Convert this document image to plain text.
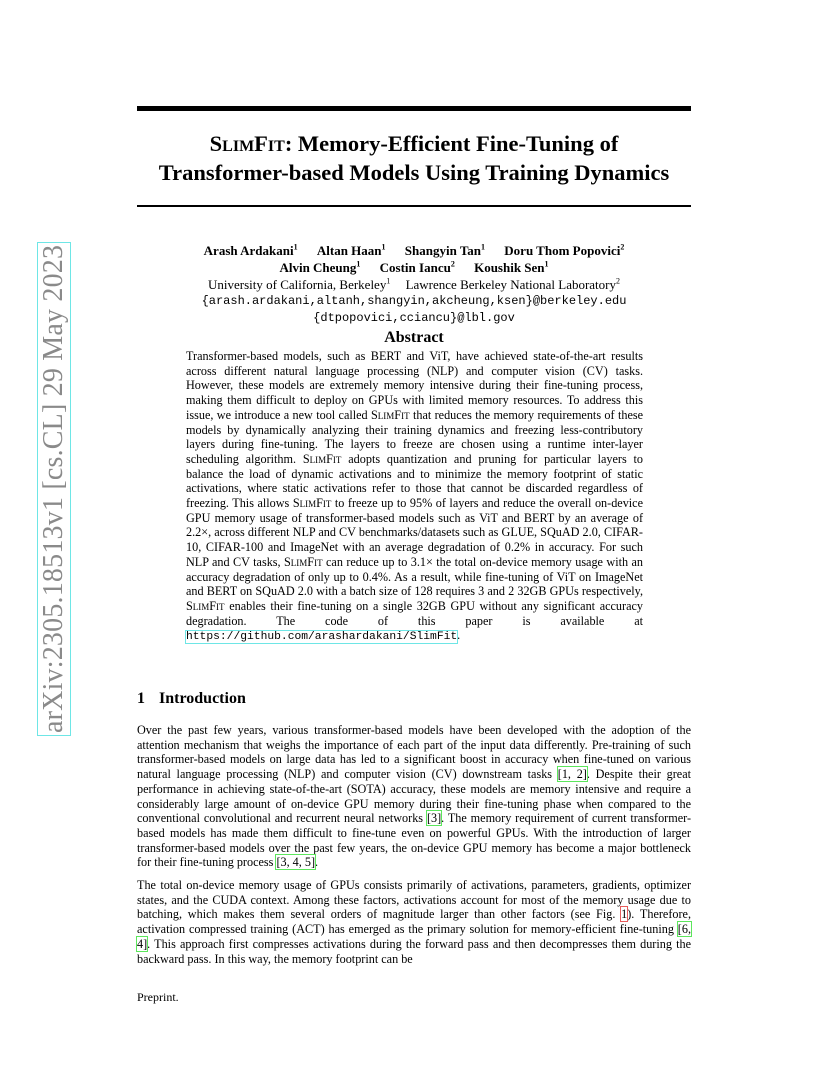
arXiv:2305.18513v1 [cs.CL] 29 May 2023
SlimFit: Memory-Efficient Fine-Tuning of
Transformer-based Models Using Training Dynamics
Arash Ardakani$^1$ Altan Haan$^1$ Shangyin Tan$^1$ Doru Thom Popovici$^2$
Alvin Cheung$^1$ Costin Iancu$^2$ Koushik Sen$^1$
University of California, Berkeley$^1$ Lawrence Berkeley National Laboratory$^2$
{arash.ardakani,altanh,shangyin,akcheung,ksen}@berkeley.edu
{dtpopovici,cciancu}@lbl.gov
Abstract

Transformer-based models, such as BERT and ViT, have achieved state-of-the-art results across different natural language processing (NLP) and computer vision (CV) tasks. However, these models are extremely memory intensive during their fine-tuning process, making them difficult to deploy on GPUs with limited memory resources. To address this issue, we introduce a new tool called SlimFit that reduces the memory requirements of these models by dynamically analyzing their training dynamics and freezing less-contributory layers during fine-tuning. The layers to freeze are chosen using a runtime inter-layer scheduling algorithm. SlimFit adopts quantization and pruning for particular layers to balance the load of dynamic activations and to minimize the memory footprint of static activations, where static activations refer to those that cannot be discarded regardless of freezing. This allows SlimFit to freeze up to 95% of layers and reduce the overall on-device GPU memory usage of transformer-based models such as ViT and BERT by an average of 2.2×, across different NLP and CV benchmarks/datasets such as GLUE, SQuAD 2.0, CIFAR-10, CIFAR-100 and ImageNet with an average degradation of 0.2% in accuracy. For such NLP and CV tasks, SlimFit can reduce up to 3.1× the total on-device memory usage with an accuracy degradation of only up to 0.4%. As a result, while fine-tuning of ViT on ImageNet and BERT on SQuAD 2.0 with a batch size of 128 requires 3 and 2 32GB GPUs respectively, SlimFit enables their fine-tuning on a single 32GB GPU without any significant accuracy degradation. The code of this paper is available at https://github.com/arashardakani/SlimFit.

1 Introduction

Over the past few years, various transformer-based models have been developed with the adoption of the attention mechanism that weighs the importance of each part of the input data differently. Pre-training of such transformer-based models on large data has led to a significant boost in accuracy when fine-tuned on various natural language processing (NLP) and computer vision (CV) downstream tasks [1, 2]. Despite their great performance in achieving state-of-the-art (SOTA) accuracy, these models are memory intensive and require a considerably large amount of on-device GPU memory during their fine-tuning phase when compared to the conventional convolutional and recurrent neural networks [3]. The memory requirement of current transformer-based models has made them difficult to fine-tune even on powerful GPUs. With the introduction of larger transformer-based models over the past few years, the on-device GPU memory has become a major bottleneck for their fine-tuning process [3, 4, 5].

The total on-device memory usage of GPUs consists primarily of activations, parameters, gradients, optimizer states, and the CUDA context. Among these factors, activations account for most of the memory usage due to batching, which makes them several orders of magnitude larger than other factors (see Fig. 1). Therefore, activation compressed training (ACT) has emerged as the primary solution for memory-efficient fine-tuning [6, 4]. This approach first compresses activations during the forward pass and then decompresses them during the backward pass. In this way, the memory footprint can be

Preprint.
